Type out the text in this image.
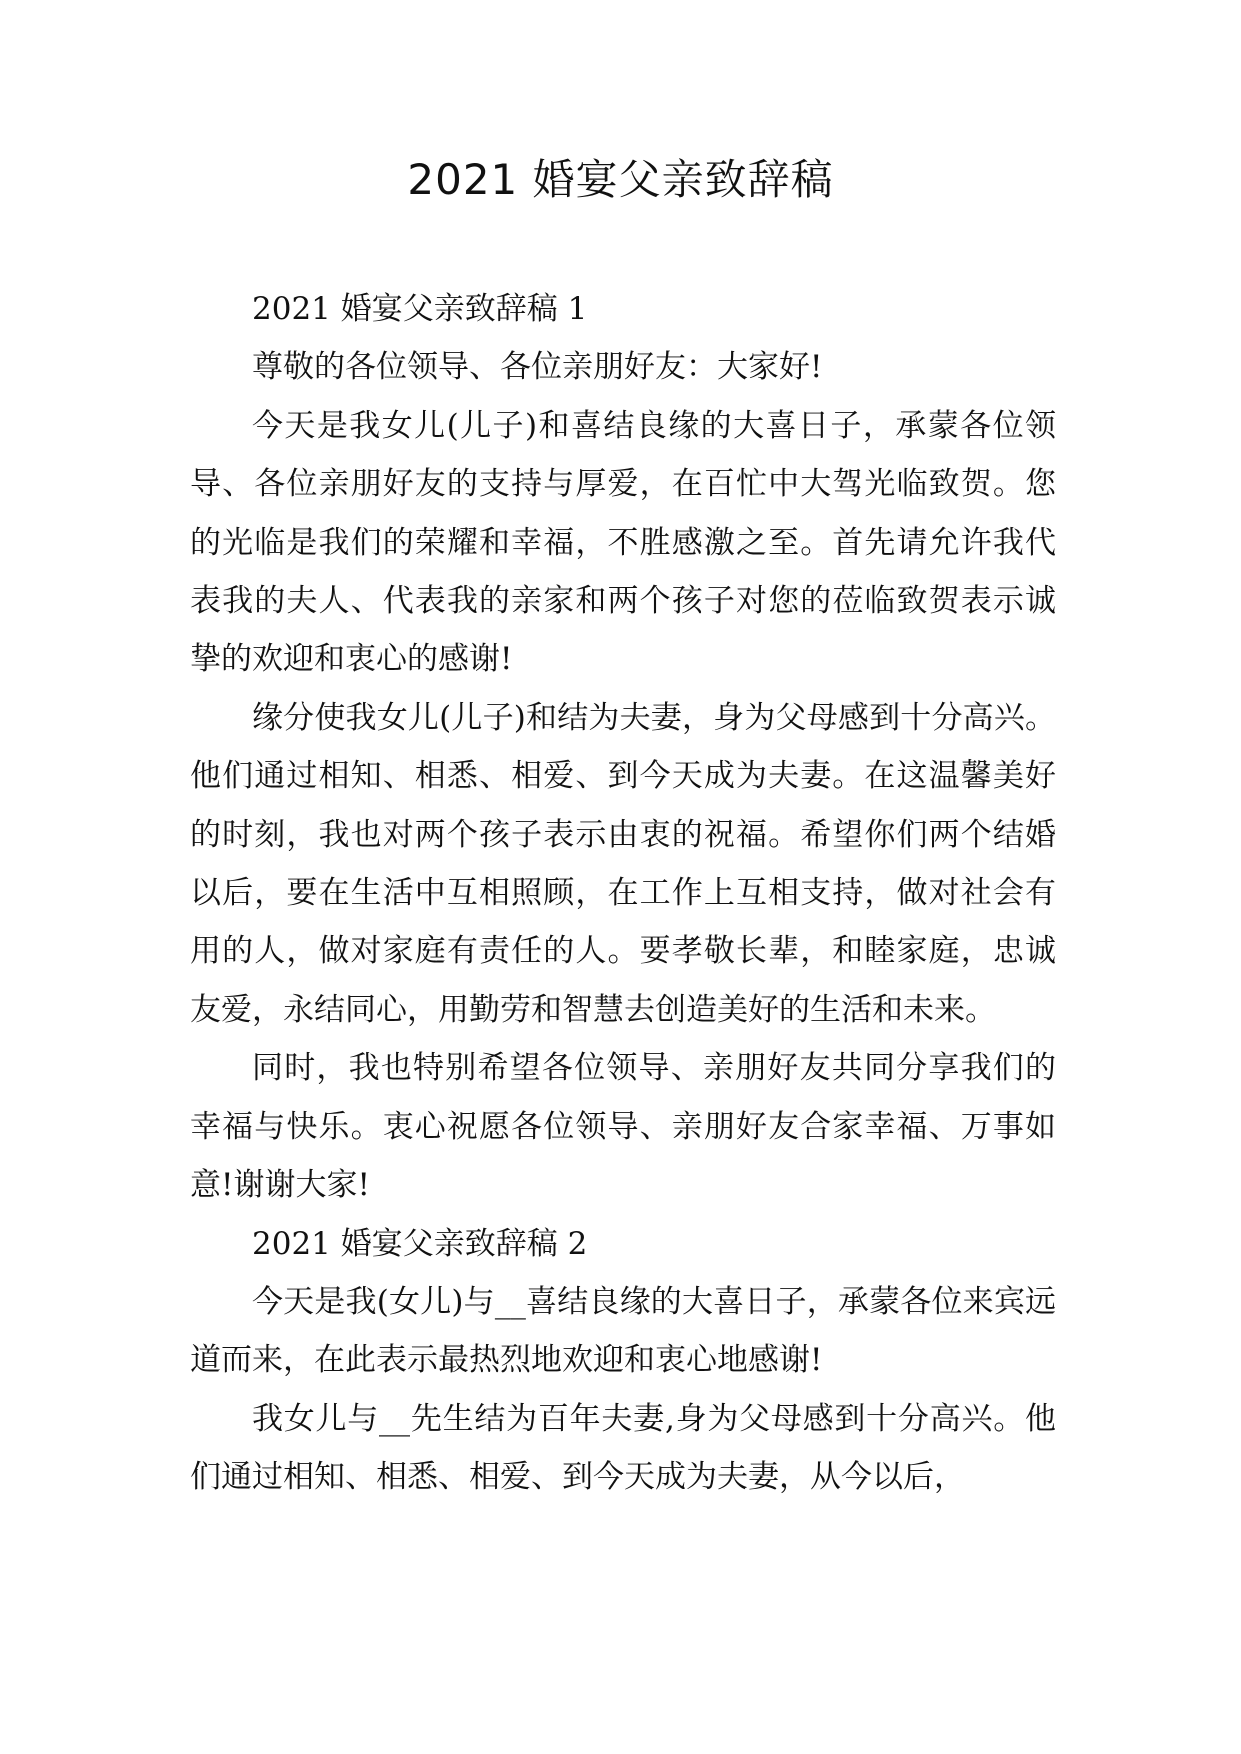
2021 婚宴父亲致辞稿

2021 婚宴父亲致辞稿 1

尊敬的各位领导、各位亲朋好友：大家好!

今天是我女儿(儿子)和喜结良缘的大喜日子，承蒙各位领导、各位亲朋好友的支持与厚爱，在百忙中大驾光临致贺。您的光临是我们的荣耀和幸福，不胜感激之至。首先请允许我代表我的夫人、代表我的亲家和两个孩子对您的莅临致贺表示诚挚的欢迎和衷心的感谢!

缘分使我女儿(儿子)和结为夫妻，身为父母感到十分高兴。他们通过相知、相悉、相爱、到今天成为夫妻。在这温馨美好的时刻，我也对两个孩子表示由衷的祝福。希望你们两个结婚以后，要在生活中互相照顾，在工作上互相支持，做对社会有用的人，做对家庭有责任的人。要孝敬长辈，和睦家庭，忠诚友爱，永结同心，用勤劳和智慧去创造美好的生活和未来。

同时，我也特别希望各位领导、亲朋好友共同分享我们的幸福与快乐。衷心祝愿各位领导、亲朋好友合家幸福、万事如意!谢谢大家!

2021 婚宴父亲致辞稿 2

今天是我(女儿)与__喜结良缘的大喜日子，承蒙各位来宾远道而来，在此表示最热烈地欢迎和衷心地感谢!

我女儿与__先生结为百年夫妻,身为父母感到十分高兴。他们通过相知、相悉、相爱、到今天成为夫妻，从今以后，
